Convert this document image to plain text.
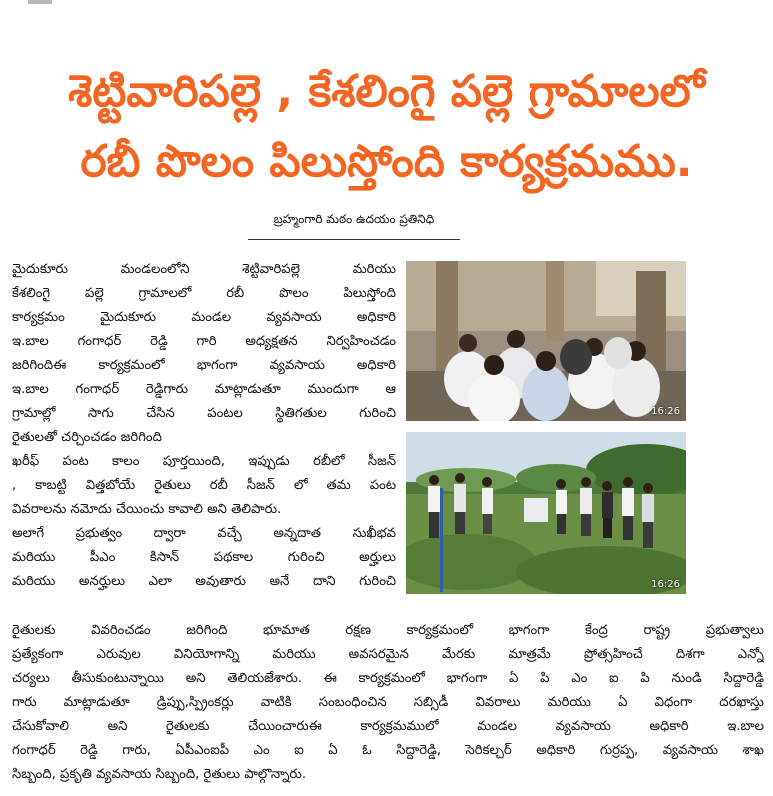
శెట్టివారిపల్లె , కేశలింగై పల్లె గ్రామాలలో
రబీ పొలం పిలుస్తోంది కార్యక్రమము.
బ్రహ్మంగారి మఠం ఉదయం ప్రతినిధి
మైదుకూరు మండలంలోని శెట్టివారిపల్లె మరియు
కేశలింగై పల్లె గ్రామాలలో రబీ పొలం పిలుస్తోంది
కార్యక్రమం మైదుకూరు మండల వ్యవసాయ అధికారి
ఇ.బాల గంగాధర్ రెడ్డి గారి అధ్యక్షతన నిర్వహించడం
జరిగిందిఈ కార్యక్రమంలో భాగంగా వ్యవసాయ అధికారి
ఇ.బాల గంగాధర్ రెడ్డిగారు మాట్లాడుతూ ముందుగా ఆ
గ్రామాల్లో సాగు చేసిన పంటల స్థితిగతుల గురించి
రైతులతో చర్చించడం జరిగింది
ఖరీఫ్ పంట కాలం పూర్తయింది, ఇప్పుడు రబీలో సీజన్
, కాబట్టి విత్తబోయే రైతులు రబీ సీజన్ లో తమ పంట
వివరాలను నమోదు చేయించు కావాలి అని తెలిపారు.
అలాగే ప్రభుత్వం ద్వారా వచ్చే అన్నదాత సుఖీభవ
మరియు పీఎం కిసాన్ పథకాల గురించి అర్హులు
మరియు అనర్హులు ఎలా అవుతారు అనే దాని గురించి
16:26
16:26
రైతులకు వివరించడం జరిగింది భూమాత రక్షణ కార్యక్రమంలో భాగంగా కేంద్ర రాష్ట్ర ప్రభుత్వాలు
ప్రత్యేకంగా ఎరువుల వినియోగాన్ని మరియు అవసరమైన మేరకు మాత్రమే ప్రోత్సహించే దిశగా ఎన్నో
చర్యలు తీసుకుంటున్నాయి అని తెలియజేశారు. ఈ కార్యక్రమంలో భాగంగా ఏ పి ఎం ఐ పి నుండి సిద్దారెడ్డి
గారు మాట్లాడుతూ డ్రిప్పు,స్ప్రింకర్లు వాటికి సంబంధించిన సబ్సిడీ వివరాలు మరియు ఏ విధంగా దరఖాస్తు
చేసుకోవాలి అని రైతులకు చేయించారుఈ కార్యక్రమములో మండల వ్యవసాయ అధికారి ఇ.బాల
గంగాధర్ రెడ్డి గారు, ఏపీఎంఐపీ ఎం ఐ ఏ ఓ సిద్దారెడ్డి, సెరికల్చర్ అధికారి గుర్రప్ప, వ్యవసాయ శాఖ
సిబ్బంది, ప్రకృతి వ్యవసాయ సిబ్బంది, రైతులు పాల్గొన్నారు.
